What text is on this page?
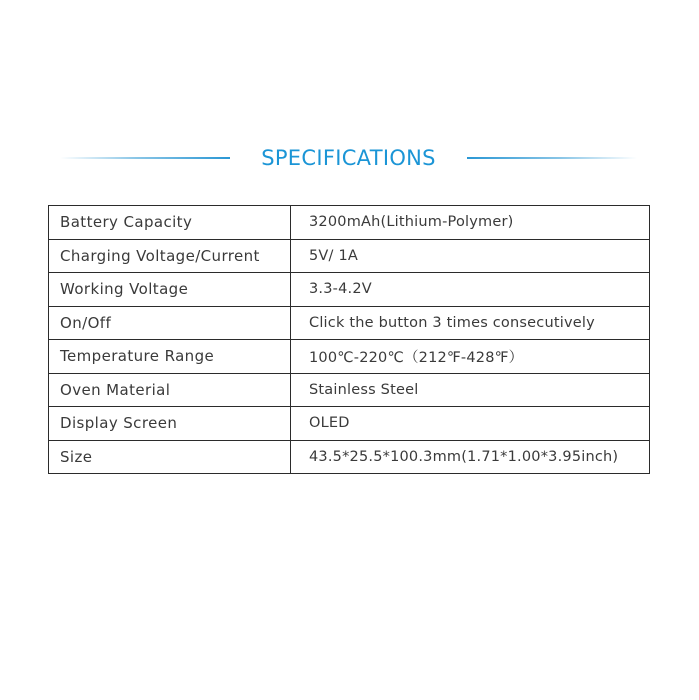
SPECIFICATIONS
Battery Capacity	3200mAh(Lithium-Polymer)
Charging Voltage/Current	5V/ 1A
Working Voltage	3.3-4.2V
On/Off	Click the button 3 times consecutively
Temperature Range	100℃-220℃（212℉-428℉）
Oven Material	Stainless Steel
Display Screen	OLED
Size	43.5*25.5*100.3mm(1.71*1.00*3.95inch)
